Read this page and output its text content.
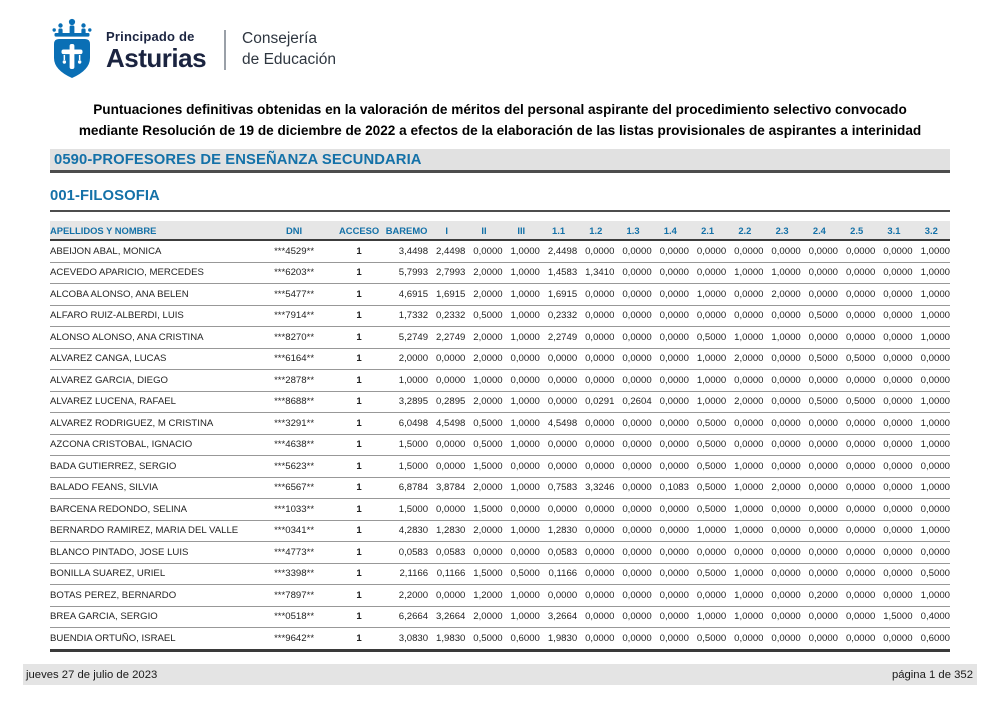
Principado de
Asturias
Consejería
de Educación
Puntuaciones definitivas obtenidas en la valoración de méritos del personal aspirante del procedimiento selectivo convocado
mediante Resolución de 19 de diciembre de 2022 a efectos de la elaboración de las listas provisionales de aspirantes a interinidad
0590-PROFESORES DE ENSEÑANZA SECUNDARIA
001-FILOSOFIA
APELLIDOS Y NOMBRE	DNI	ACCESO	BAREMO	I	II	III	1.1	1.2	1.3	1.4	2.1	2.2	2.3	2.4	2.5	3.1	3.2
ABEIJON ABAL, MONICA	***4529**	1	3,4498	2,4498	0,0000	1,0000	2,4498	0,0000	0,0000	0,0000	0,0000	0,0000	0,0000	0,0000	0,0000	0,0000	1,0000
ACEVEDO APARICIO, MERCEDES	***6203**	1	5,7993	2,7993	2,0000	1,0000	1,4583	1,3410	0,0000	0,0000	0,0000	1,0000	1,0000	0,0000	0,0000	0,0000	1,0000
ALCOBA ALONSO, ANA BELEN	***5477**	1	4,6915	1,6915	2,0000	1,0000	1,6915	0,0000	0,0000	0,0000	1,0000	0,0000	2,0000	0,0000	0,0000	0,0000	1,0000
ALFARO RUIZ-ALBERDI, LUIS	***7914**	1	1,7332	0,2332	0,5000	1,0000	0,2332	0,0000	0,0000	0,0000	0,0000	0,0000	0,0000	0,5000	0,0000	0,0000	1,0000
ALONSO ALONSO, ANA CRISTINA	***8270**	1	5,2749	2,2749	2,0000	1,0000	2,2749	0,0000	0,0000	0,0000	0,5000	1,0000	1,0000	0,0000	0,0000	0,0000	1,0000
ALVAREZ CANGA, LUCAS	***6164**	1	2,0000	0,0000	2,0000	0,0000	0,0000	0,0000	0,0000	0,0000	1,0000	2,0000	0,0000	0,5000	0,5000	0,0000	0,0000
ALVAREZ GARCIA, DIEGO	***2878**	1	1,0000	0,0000	1,0000	0,0000	0,0000	0,0000	0,0000	0,0000	1,0000	0,0000	0,0000	0,0000	0,0000	0,0000	0,0000
ALVAREZ LUCENA, RAFAEL	***8688**	1	3,2895	0,2895	2,0000	1,0000	0,0000	0,0291	0,2604	0,0000	1,0000	2,0000	0,0000	0,5000	0,5000	0,0000	1,0000
ALVAREZ RODRIGUEZ, M CRISTINA	***3291**	1	6,0498	4,5498	0,5000	1,0000	4,5498	0,0000	0,0000	0,0000	0,5000	0,0000	0,0000	0,0000	0,0000	0,0000	1,0000
AZCONA CRISTOBAL, IGNACIO	***4638**	1	1,5000	0,0000	0,5000	1,0000	0,0000	0,0000	0,0000	0,0000	0,5000	0,0000	0,0000	0,0000	0,0000	0,0000	1,0000
BADA GUTIERREZ, SERGIO	***5623**	1	1,5000	0,0000	1,5000	0,0000	0,0000	0,0000	0,0000	0,0000	0,5000	1,0000	0,0000	0,0000	0,0000	0,0000	0,0000
BALADO FEANS, SILVIA	***6567**	1	6,8784	3,8784	2,0000	1,0000	0,7583	3,3246	0,0000	0,1083	0,5000	1,0000	2,0000	0,0000	0,0000	0,0000	1,0000
BARCENA REDONDO, SELINA	***1033**	1	1,5000	0,0000	1,5000	0,0000	0,0000	0,0000	0,0000	0,0000	0,5000	1,0000	0,0000	0,0000	0,0000	0,0000	0,0000
BERNARDO RAMIREZ, MARIA DEL VALLE	***0341**	1	4,2830	1,2830	2,0000	1,0000	1,2830	0,0000	0,0000	0,0000	1,0000	1,0000	0,0000	0,0000	0,0000	0,0000	1,0000
BLANCO PINTADO, JOSE LUIS	***4773**	1	0,0583	0,0583	0,0000	0,0000	0,0583	0,0000	0,0000	0,0000	0,0000	0,0000	0,0000	0,0000	0,0000	0,0000	0,0000
BONILLA SUAREZ, URIEL	***3398**	1	2,1166	0,1166	1,5000	0,5000	0,1166	0,0000	0,0000	0,0000	0,5000	1,0000	0,0000	0,0000	0,0000	0,0000	0,5000
BOTAS PEREZ, BERNARDO	***7897**	1	2,2000	0,0000	1,2000	1,0000	0,0000	0,0000	0,0000	0,0000	0,0000	1,0000	0,0000	0,2000	0,0000	0,0000	1,0000
BREA GARCIA, SERGIO	***0518**	1	6,2664	3,2664	2,0000	1,0000	3,2664	0,0000	0,0000	0,0000	1,0000	1,0000	0,0000	0,0000	0,0000	1,5000	0,4000
BUENDIA ORTUÑO, ISRAEL	***9642**	1	3,0830	1,9830	0,5000	0,6000	1,9830	0,0000	0,0000	0,0000	0,5000	0,0000	0,0000	0,0000	0,0000	0,0000	0,6000
jueves 27 de julio de 2023	página 1 de 352
